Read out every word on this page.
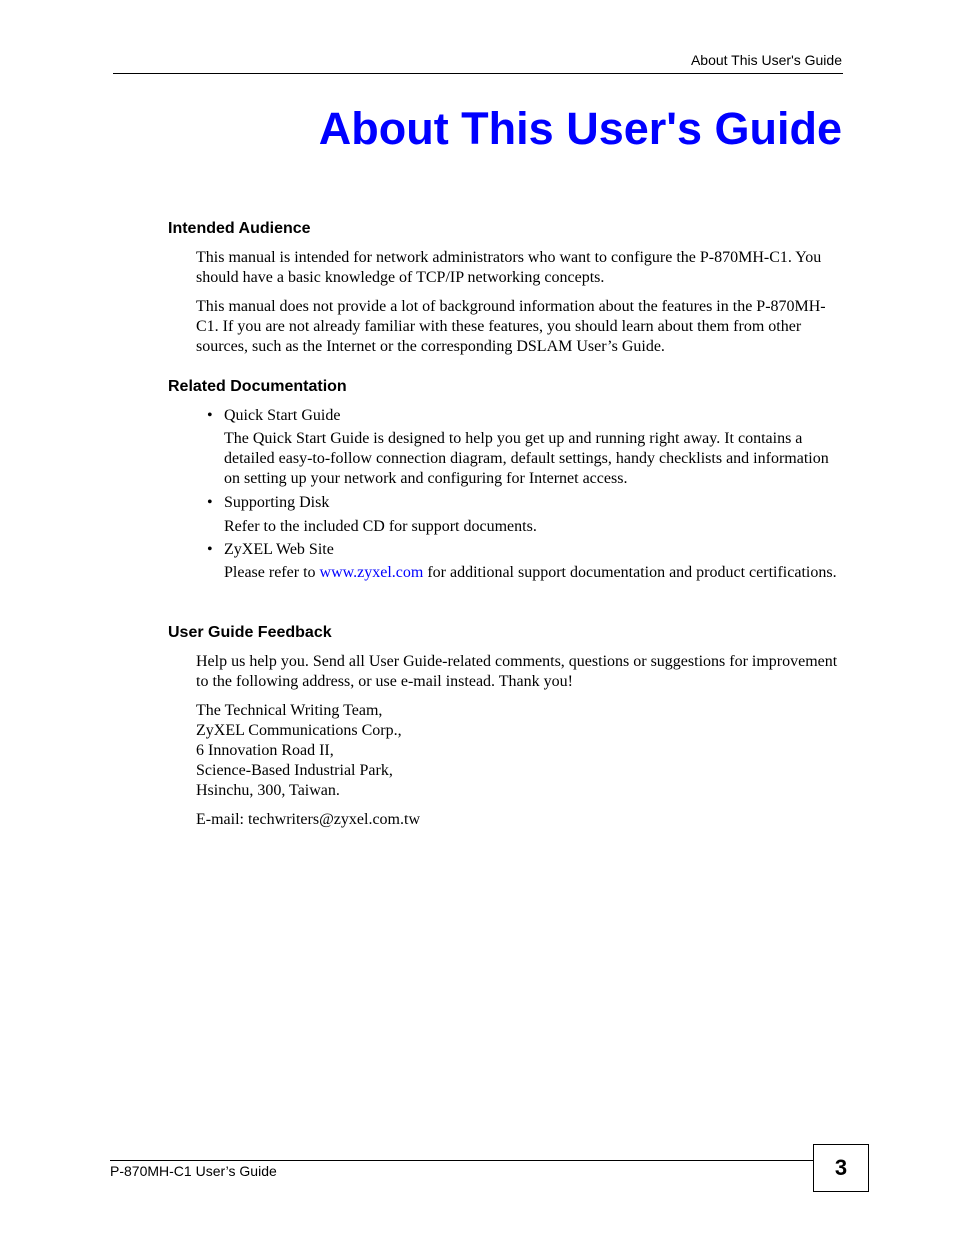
About This User's Guide
About This User's Guide
Intended Audience

This manual is intended for network administrators who want to configure the P-870MH-C1. You should have a basic knowledge of TCP/IP networking concepts.

This manual does not provide a lot of background information about the features in the P-870MH-C1. If you are not already familiar with these features, you should learn about them from other sources, such as the Internet or the corresponding DSLAM User’s Guide.

Related Documentation
• Quick Start Guide

The Quick Start Guide is designed to help you get up and running right away. It contains a detailed easy-to-follow connection diagram, default settings, handy checklists and information on setting up your network and configuring for Internet access.

• Supporting Disk

Refer to the included CD for support documents.

• ZyXEL Web Site

Please refer to www.zyxel.com for additional support documentation and product certifications.

User Guide Feedback

Help us help you. Send all User Guide-related comments, questions or suggestions for improvement to the following address, or use e-mail instead. Thank you!

The Technical Writing Team,
ZyXEL Communications Corp.,
6 Innovation Road II,
Science-Based Industrial Park,
Hsinchu, 300, Taiwan.

E-mail: techwriters@zyxel.com.tw

P-870MH-C1 User’s Guide	3
